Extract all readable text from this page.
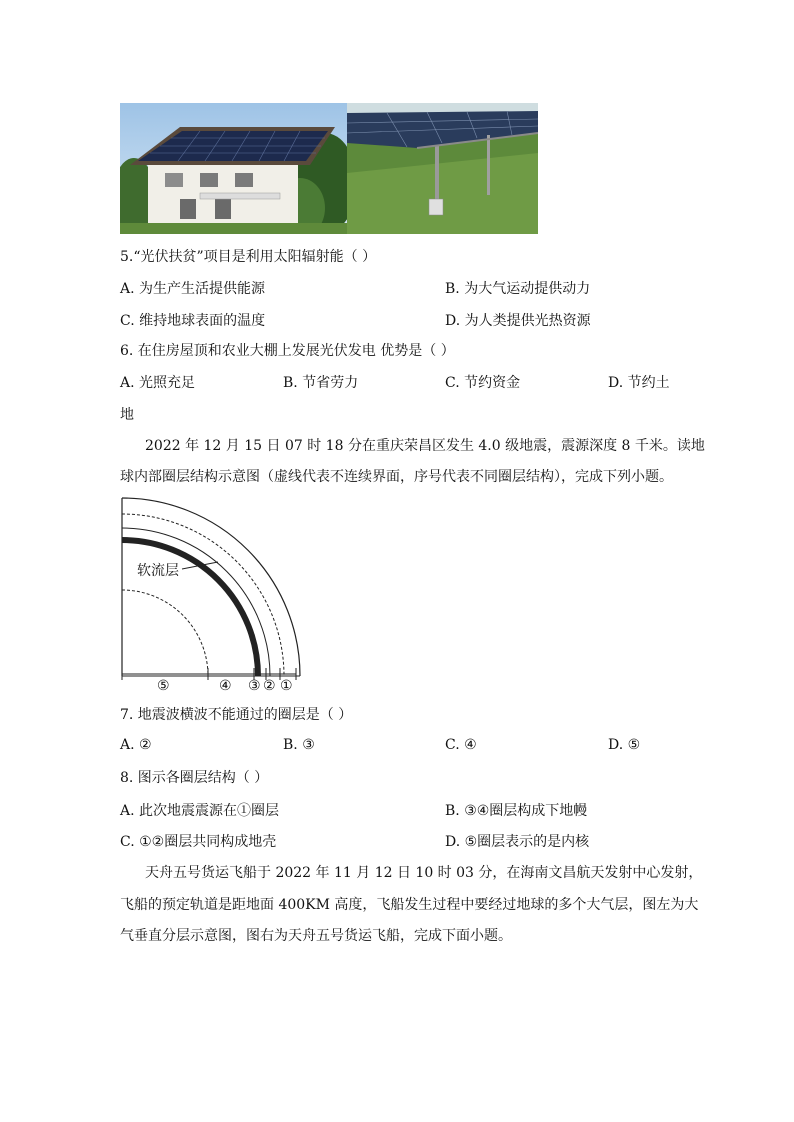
5.“光伏扶贫”项目是利用太阳辐射能（ ）
A. 为生产生活提供能源	B. 为大气运动提供动力
C. 维持地球表面的温度	D. 为人类提供光热资源
6. 在住房屋顶和农业大棚上发展光伏发电 优势是（ ）
A. 光照充足	B. 节省劳力	C. 节约资金	D. 节约土
地
2022 年 12 月 15 日 07 时 18 分在重庆荣昌区发生 4.0 级地震，震源深度 8 千米。读地
球内部圈层结构示意图（虚线代表不连续界面，序号代表不同圈层结构），完成下列小题。
软流层
⑤	④ ③ ② ①
7. 地震波横波不能通过的圈层是（ ）
A. ②	B. ③	C. ④	D. ⑤
8. 图示各圈层结构（ ）
A. 此次地震震源在①圈层	B. ③④圈层构成下地幔
C. ①②圈层共同构成地壳	D. ⑤圈层表示的是内核
天舟五号货运飞船于 2022 年 11 月 12 日 10 时 03 分，在海南文昌航天发射中心发射，
飞船的预定轨道是距地面 400KM 高度，飞船发生过程中要经过地球的多个大气层，图左为大
气垂直分层示意图，图右为天舟五号货运飞船，完成下面小题。
